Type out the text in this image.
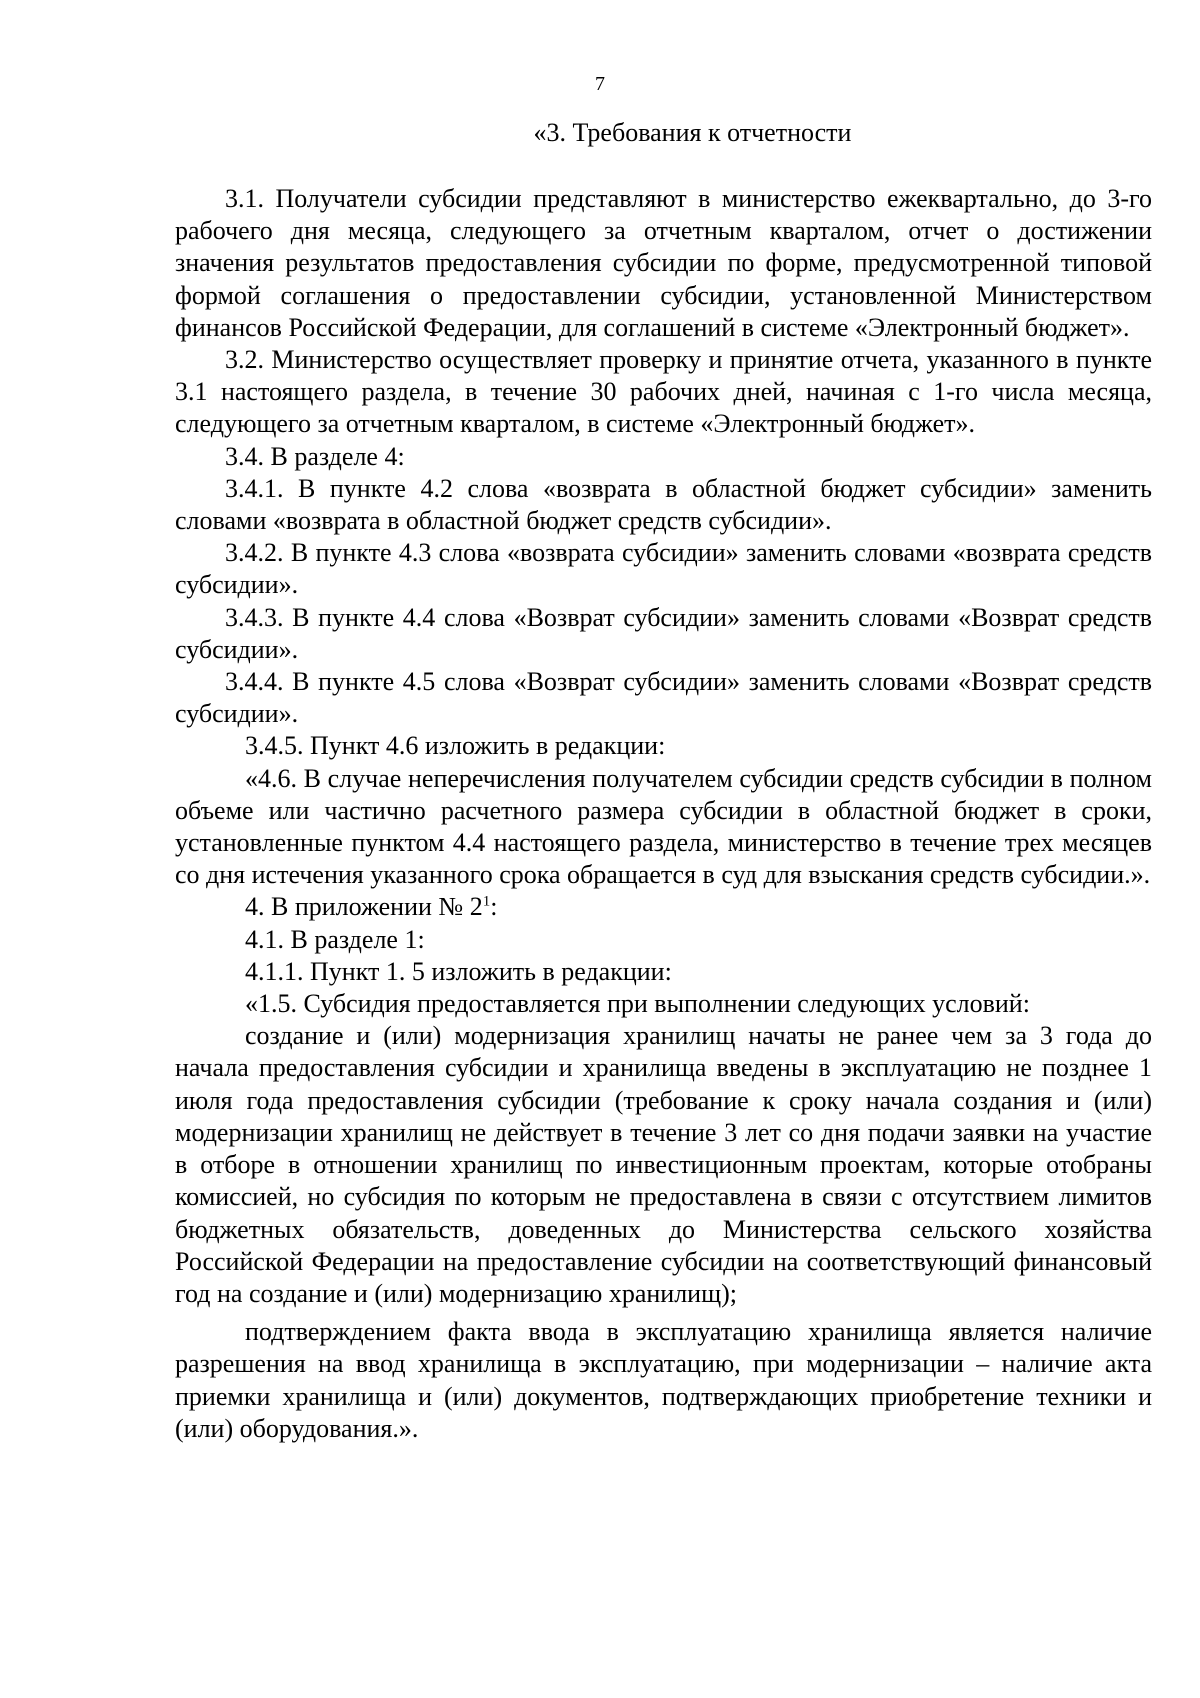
7
«3. Требования к отчетности

3.1. Получатели субсидии представляют в министерство ежеквартально, до 3-го рабочего дня месяца, следующего за отчетным кварталом, отчет о достижении значения результатов предоставления субсидии по форме, предусмотренной типовой формой соглашения о предоставлении субсидии, установленной Министерством финансов Российской Федерации, для соглашений в системе «Электронный бюджет».

3.2. Министерство осуществляет проверку и принятие отчета, указанного в пункте 3.1 настоящего раздела, в течение 30 рабочих дней, начиная с 1-го числа месяца, следующего за отчетным кварталом, в системе «Электронный бюджет».

3.4. В разделе 4:

3.4.1. В пункте 4.2 слова «возврата в областной бюджет субсидии» заменить словами «возврата в областной бюджет средств субсидии».

3.4.2. В пункте 4.3 слова «возврата субсидии» заменить словами «возврата средств субсидии».

3.4.3. В пункте 4.4 слова «Возврат субсидии» заменить словами «Возврат средств субсидии».

3.4.4. В пункте 4.5 слова «Возврат субсидии» заменить словами «Возврат средств субсидии».

3.4.5. Пункт 4.6 изложить в редакции:

«4.6. В случае неперечисления получателем субсидии средств субсидии в полном объеме или частично расчетного размера субсидии в областной бюджет в сроки, установленные пунктом 4.4 настоящего раздела, министерство в течение трех месяцев со дня истечения указанного срока обращается в суд для взыскания средств субсидии.».

4. В приложении № $2^1$:

4.1. В разделе 1:

4.1.1. Пункт 1. 5 изложить в редакции:

«1.5. Субсидия предоставляется при выполнении следующих условий:

создание и (или) модернизация хранилищ начаты не ранее чем за 3 года до начала предоставления субсидии и хранилища введены в эксплуатацию не позднее 1 июля года предоставления субсидии (требование к сроку начала создания и (или) модернизации хранилищ не действует в течение 3 лет со дня подачи заявки на участие в отборе в отношении хранилищ по инвестиционным проектам, которые отобраны комиссией, но субсидия по которым не предоставлена в связи с отсутствием лимитов бюджетных обязательств, доведенных до Министерства сельского хозяйства Российской Федерации на предоставление субсидии на соответствующий финансовый год на создание и (или) модернизацию хранилищ);

подтверждением факта ввода в эксплуатацию хранилища является наличие разрешения на ввод хранилища в эксплуатацию, при модернизации – наличие акта приемки хранилища и (или) документов, подтверждающих приобретение техники и (или) оборудования.».
